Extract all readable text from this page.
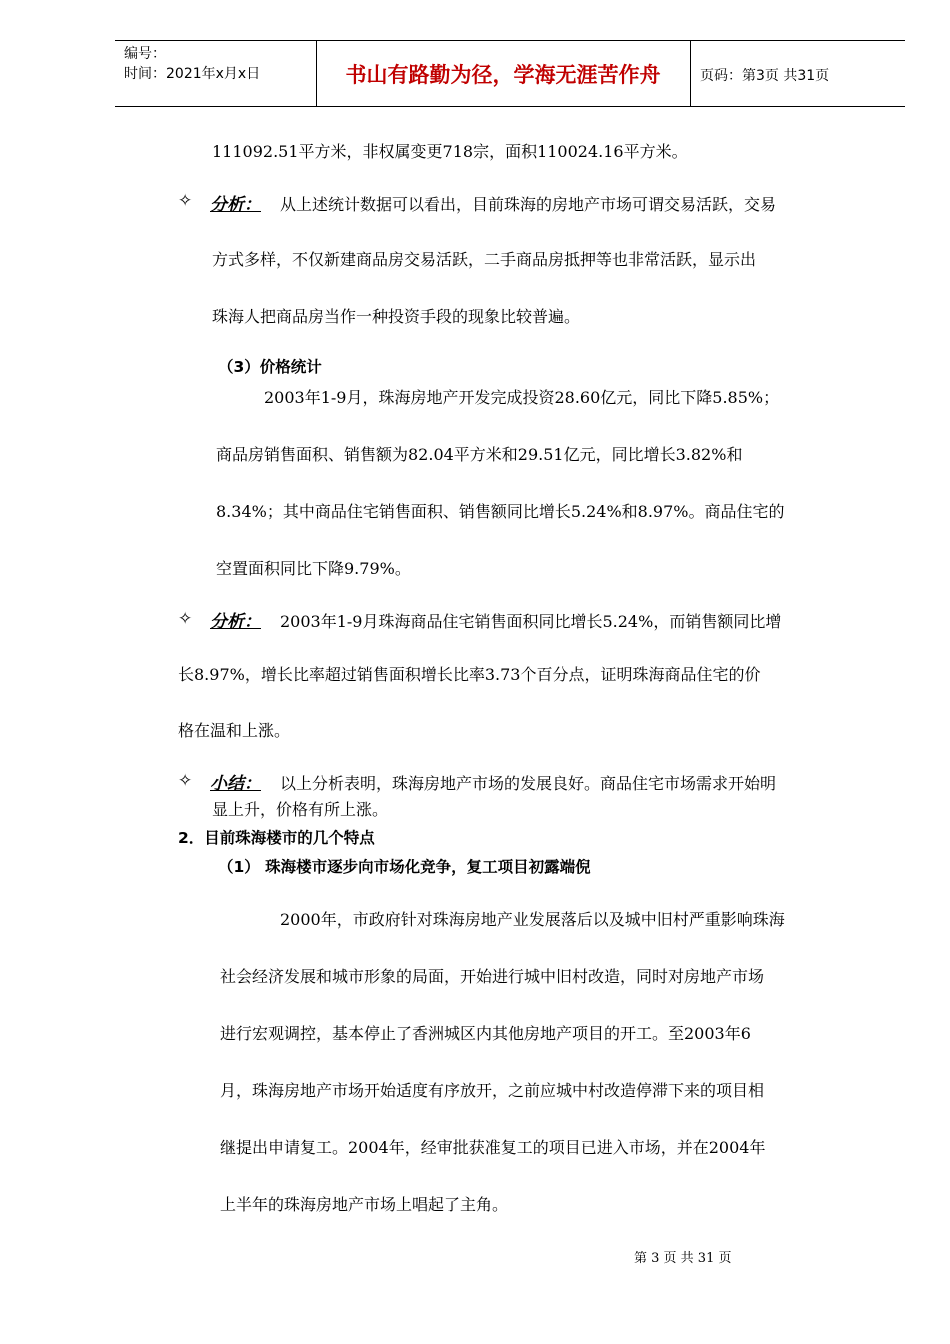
编号：
时间：2021年x月x日	书山有路勤为径，学海无涯苦作舟	页码：第3页 共31页
111092.51平方米，非权属变更718宗，面积110024.16平方米。
✧ 分析： 从上述统计数据可以看出，目前珠海的房地产市场可谓交易活跃，交易
方式多样，不仅新建商品房交易活跃，二手商品房抵押等也非常活跃，显示出
珠海人把商品房当作一种投资手段的现象比较普遍。
（3）价格统计
2003年1-9月，珠海房地产开发完成投资28.60亿元，同比下降5.85%；
商品房销售面积、销售额为82.04平方米和29.51亿元，同比增长3.82%和
8.34%；其中商品住宅销售面积、销售额同比增长5.24%和8.97%。商品住宅的
空置面积同比下降9.79%。
✧ 分析： 2003年1-9月珠海商品住宅销售面积同比增长5.24%，而销售额同比增
长8.97%，增长比率超过销售面积增长比率3.73个百分点，证明珠海商品住宅的价
格在温和上涨。
✧ 小结： 以上分析表明，珠海房地产市场的发展良好。商品住宅市场需求开始明
显上升，价格有所上涨。
2．目前珠海楼市的几个特点
（1） 珠海楼市逐步向市场化竞争，复工项目初露端倪
2000年，市政府针对珠海房地产业发展落后以及城中旧村严重影响珠海
社会经济发展和城市形象的局面，开始进行城中旧村改造，同时对房地产市场
进行宏观调控，基本停止了香洲城区内其他房地产项目的开工。至2003年6
月，珠海房地产市场开始适度有序放开，之前应城中村改造停滞下来的项目相
继提出申请复工。2004年，经审批获准复工的项目已进入市场，并在2004年
上半年的珠海房地产市场上唱起了主角。
第 3 页 共 31 页
